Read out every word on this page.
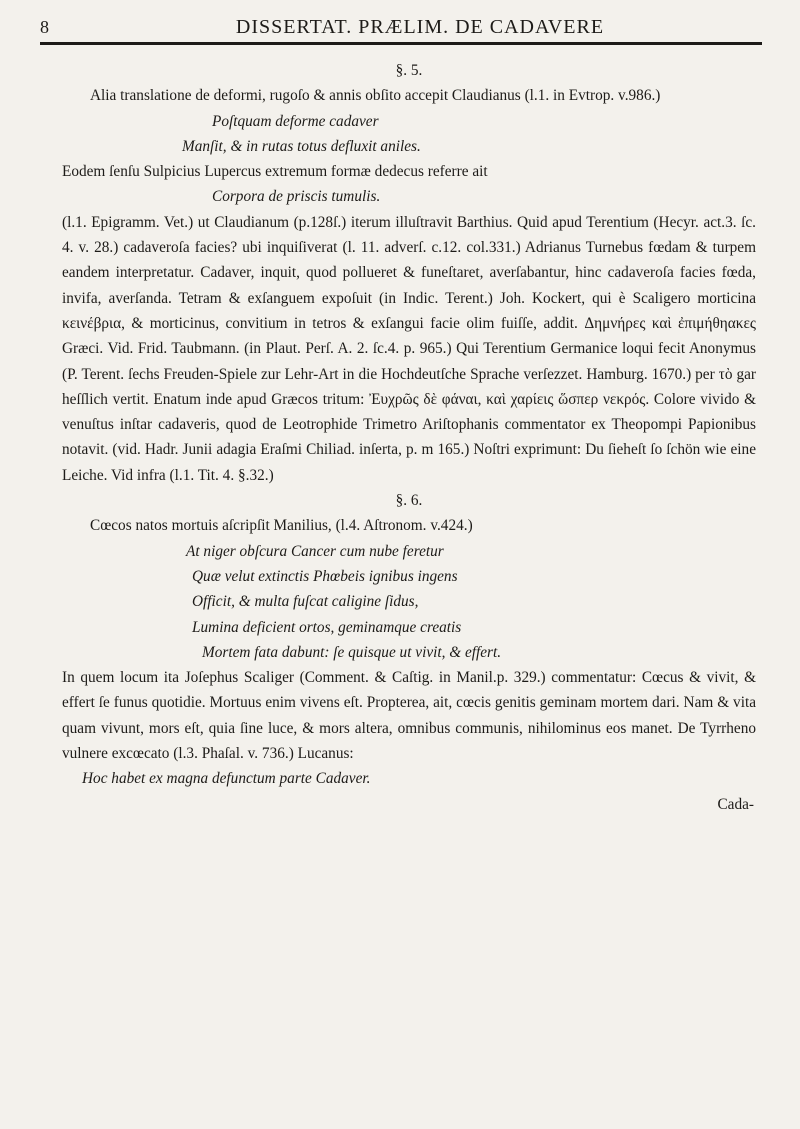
8	DISSERTAT. PRÆLIM. DE CADAVERE

§. 5.

Alia translatione de deformi, rugoſo & annis obſito accepit Claudianus (l.1. in Evtrop. v.986.)

Poſtquam deforme cadaver

Manſit, & in rutas totus defluxit aniles.

Eodem ſenſu Sulpicius Lupercus extremum formæ dedecus referre ait

Corpora de priscis tumulis.

(l.1. Epigramm. Vet.) ut Claudianum (p.128ſ.) iterum illuſtravit Barthius. Quid apud Terentium (Hecyr. act.3. ſc. 4. v. 28.) cadaveroſa facies? ubi inquiſiverat (l. 11. adverſ. c.12. col.331.) Adrianus Turnebus fœdam & turpem eandem interpretatur. Cadaver, inquit, quod pollueret & funeſtaret, averſabantur, hinc cadaveroſa facies fœda, invifa, averſanda. Tetram & exſanguem expoſuit (in Indic. Terent.) Joh. Kockert, qui è Scaligero morticina κεινέβρια, & morticinus, convitium in tetros & exſangui facie olim fuiſſe, addit. Δημνήρες καὶ ἐπιμήθηακες Græci. Vid. Frid. Taubmann. (in Plaut. Perſ. A. 2. ſc.4. p. 965.) Qui Terentium Germanice loqui fecit Anonymus (P. Terent. ſechs Freuden-Spiele zur Lehr-Art in die Hochdeutſche Sprache verſezzet. Hamburg. 1670.) per τὸ gar heſſlich vertit. Enatum inde apud Græcos tritum: Ἐυχρῶς δὲ φάναι, καὶ χαρίεις ὥσπερ νεκρός. Colore vivido & venuſtus inſtar cadaveris, quod de Leotrophide Trimetro Ariſtophanis commentator ex Theopompi Papionibus notavit. (vid. Hadr. Junii adagia Eraſmi Chiliad. inſerta, p. m 165.) Noſtri exprimunt: Du ſieheſt ſo ſchön wie eine Leiche. Vid infra (l.1. Tit. 4. §.32.)

§. 6.

Cœcos natos mortuis aſcripſit Manilius, (l.4. Aſtronom. v.424.)

At niger obſcura Cancer cum nube feretur

Quæ velut extinctis Phœbeis ignibus ingens

Officit, & multa fuſcat caligine ſidus,

Lumina deficient ortos, geminamque creatis

Mortem fata dabunt: ſe quisque ut vivit, & effert.

In quem locum ita Joſephus Scaliger (Comment. & Caſtig. in Manil.p. 329.) commentatur: Cœcus & vivit, & effert ſe funus quotidie. Mortuus enim vivens eſt. Propterea, ait, cœcis genitis geminam mortem dari. Nam & vita quam vivunt, mors eſt, quia ſine luce, & mors altera, omnibus communis, nihilominus eos manet. De Tyrrheno vulnere excœcato (l.3. Phaſal. v. 736.) Lucanus:

Hoc habet ex magna defunctum parte Cadaver.

Cada-
